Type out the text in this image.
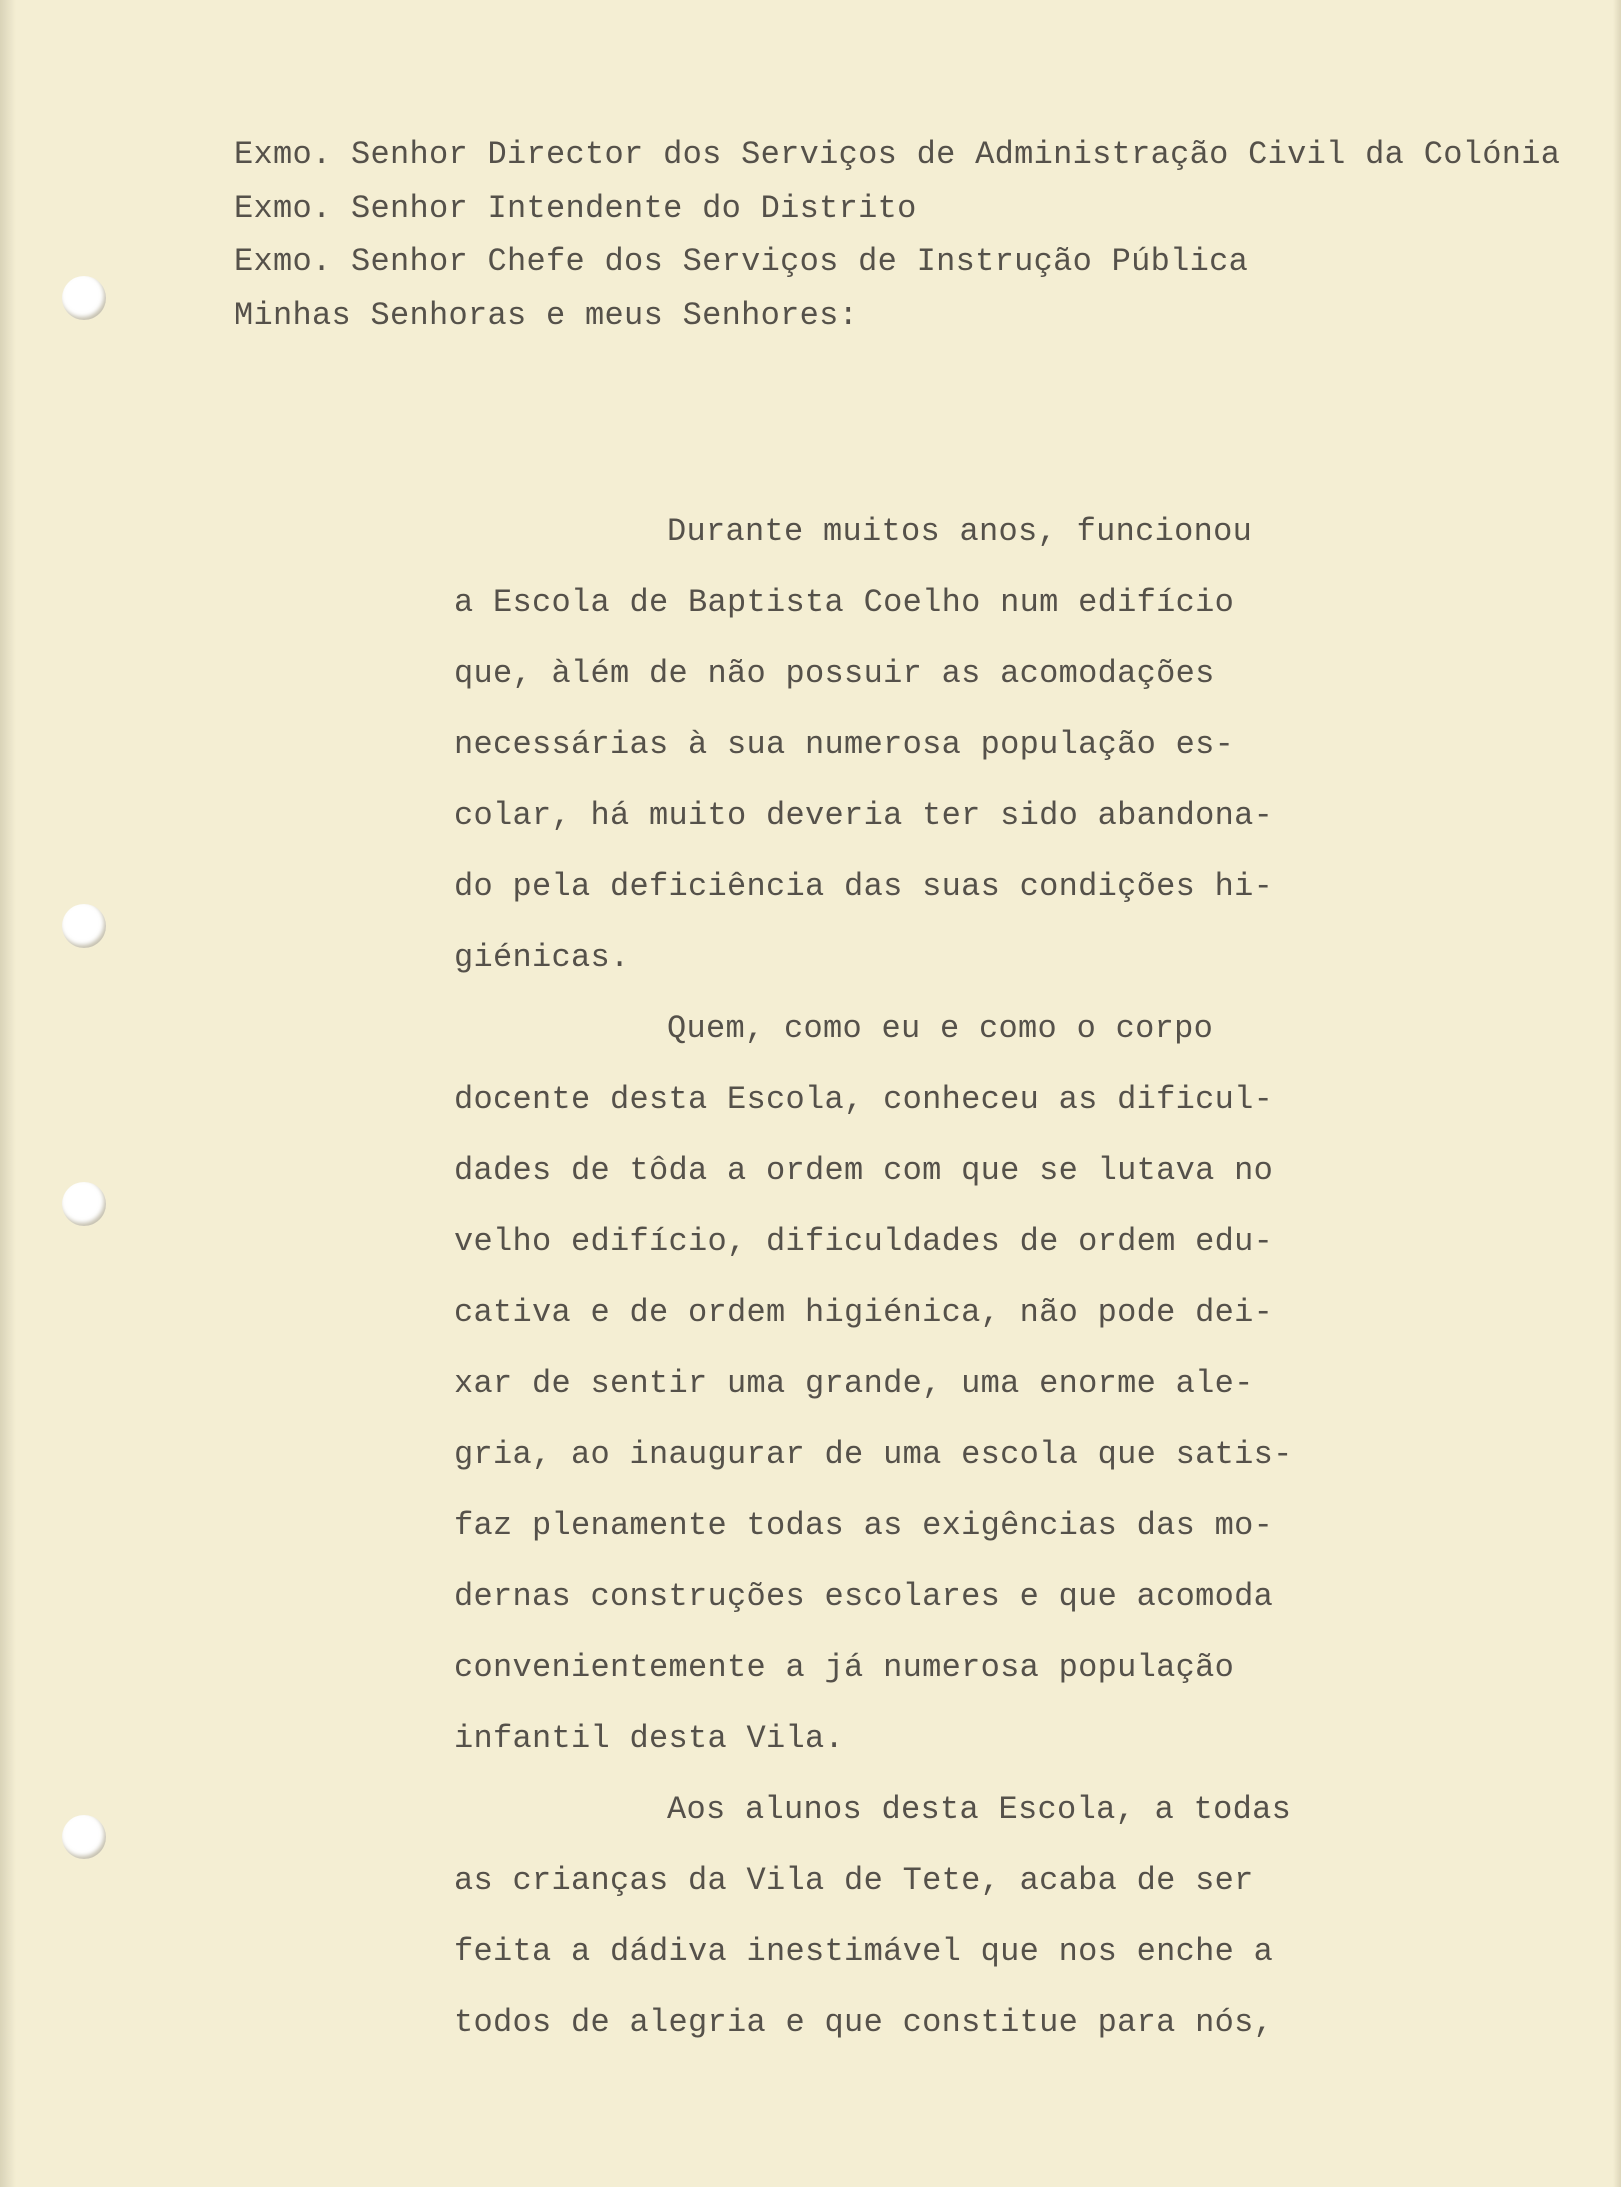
Exmo. Senhor Director dos Serviços de Administração Civil da Colónia
Exmo. Senhor Intendente do Distrito
Exmo. Senhor Chefe dos Serviços de Instrução Pública
Minhas Senhoras e meus Senhores:

Durante muitos anos, funcionou
a Escola de Baptista Coelho num edifício
que, àlém de não possuir as acomodações
necessárias à sua numerosa população es-
colar, há muito deveria ter sido abandona-
do pela deficiência das suas condições hi-
giénicas.

Quem, como eu e como o corpo
docente desta Escola, conheceu as dificul-
dades de tôda a ordem com que se lutava no
velho edifício, dificuldades de ordem edu-
cativa e de ordem higiénica, não pode dei-
xar de sentir uma grande, uma enorme ale-
gria, ao inaugurar de uma escola que satis-
faz plenamente todas as exigências das mo-
dernas construções escolares e que acomoda
convenientemente a já numerosa população
infantil desta Vila.

Aos alunos desta Escola, a todas
as crianças da Vila de Tete, acaba de ser
feita a dádiva inestimável que nos enche a
todos de alegria e que constitue para nós,
